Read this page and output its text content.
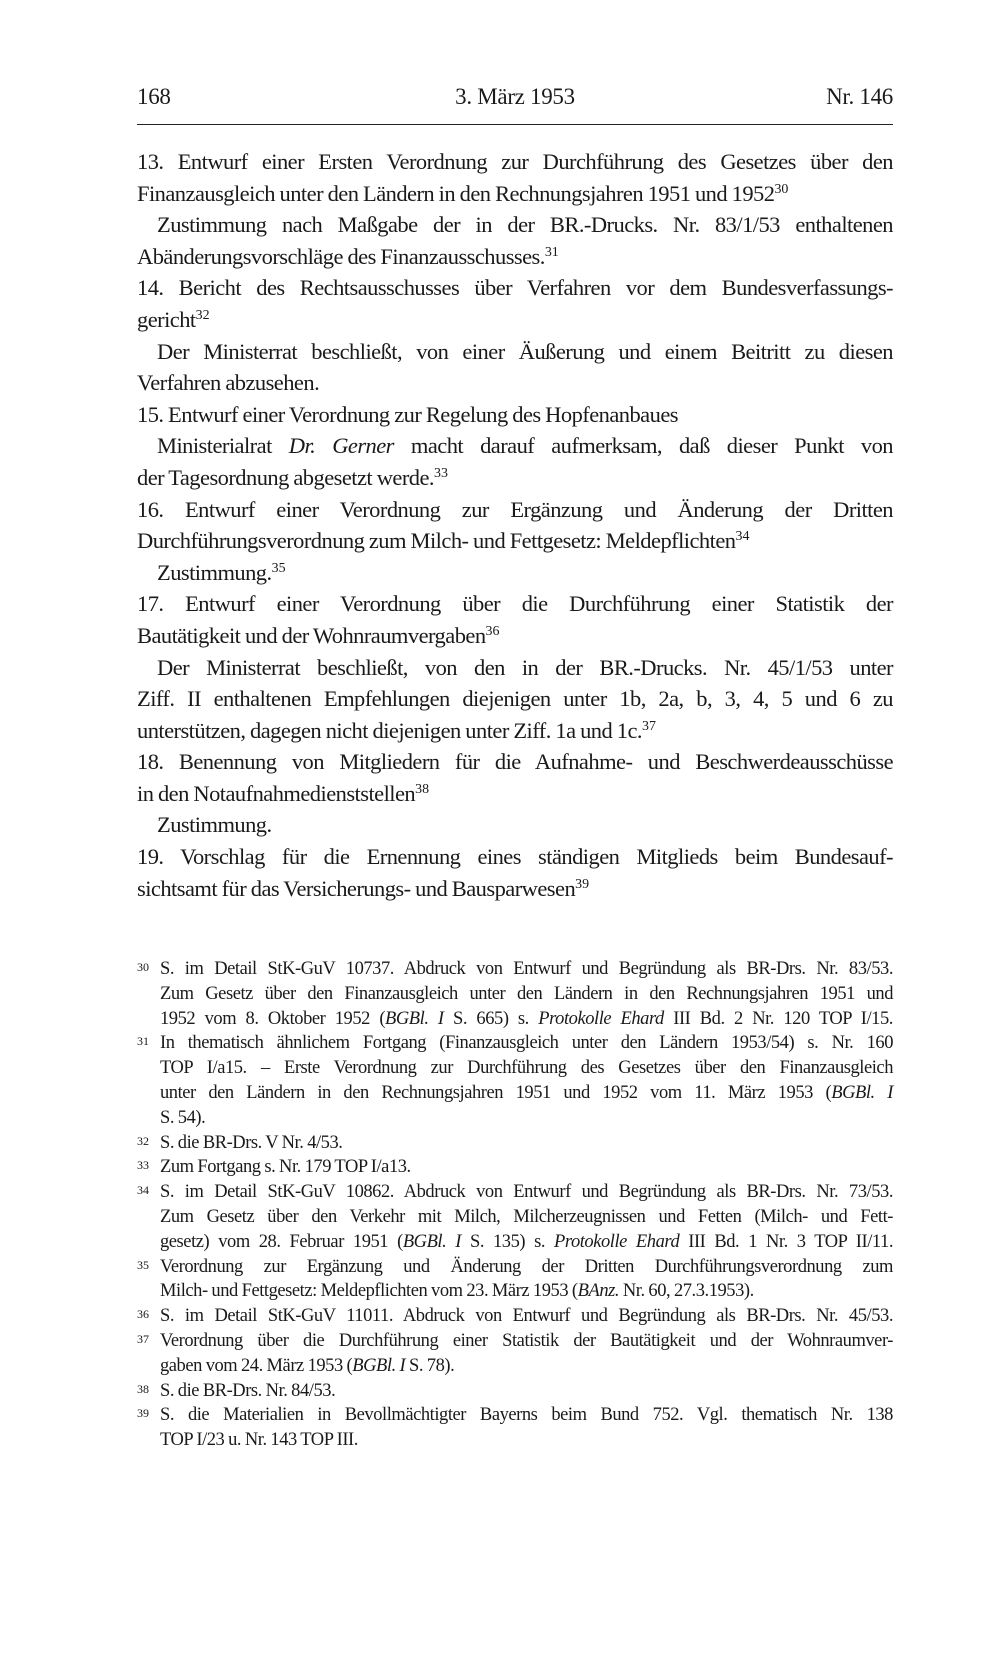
168	3. März 1953	Nr. 146
13. Entwurf einer Ersten Verordnung zur Durchführung des Gesetzes über den
Finanzausgleich unter den Ländern in den Rechnungsjahren 1951 und 1952$^{30}$
Zustimmung nach Maßgabe der in der BR.-Drucks. Nr. 83/1/53 enthaltenen
Abänderungsvorschläge des Finanzausschusses.$^{31}$
14. Bericht des Rechtsausschusses über Verfahren vor dem Bundesverfassungs-
gericht$^{32}$
Der Ministerrat beschließt, von einer Äußerung und einem Beitritt zu diesen
Verfahren abzusehen.
15. Entwurf einer Verordnung zur Regelung des Hopfenanbaues
Ministerialrat Dr. Gerner macht darauf aufmerksam, daß dieser Punkt von
der Tagesordnung abgesetzt werde.$^{33}$
16. Entwurf einer Verordnung zur Ergänzung und Änderung der Dritten
Durchführungsverordnung zum Milch- und Fettgesetz: Meldepflichten$^{34}$
Zustimmung.$^{35}$
17. Entwurf einer Verordnung über die Durchführung einer Statistik der
Bautätigkeit und der Wohnraumvergaben$^{36}$
Der Ministerrat beschließt, von den in der BR.-Drucks. Nr. 45/1/53 unter
Ziff. II enthaltenen Empfehlungen diejenigen unter 1b, 2a, b, 3, 4, 5 und 6 zu
unterstützen, dagegen nicht diejenigen unter Ziff. 1a und 1c.$^{37}$
18. Benennung von Mitgliedern für die Aufnahme- und Beschwerdeausschüsse
in den Notaufnahmedienststellen$^{38}$
Zustimmung.
19. Vorschlag für die Ernennung eines ständigen Mitglieds beim Bundesauf-
sichtsamt für das Versicherungs- und Bausparwesen$^{39}$
30 S. im Detail StK-GuV 10737. Abdruck von Entwurf und Begründung als BR-Drs. Nr. 83/53.
Zum Gesetz über den Finanzausgleich unter den Ländern in den Rechnungsjahren 1951 und
1952 vom 8. Oktober 1952 (BGBl. I S. 665) s. Protokolle Ehard III Bd. 2 Nr. 120 TOP I/15.
31 In thematisch ähnlichem Fortgang (Finanzausgleich unter den Ländern 1953/54) s. Nr. 160
TOP I/a15. – Erste Verordnung zur Durchführung des Gesetzes über den Finanzausgleich
unter den Ländern in den Rechnungsjahren 1951 und 1952 vom 11. März 1953 (BGBl. I
S. 54).
32 S. die BR-Drs. V Nr. 4/53.
33 Zum Fortgang s. Nr. 179 TOP I/a13.
34 S. im Detail StK-GuV 10862. Abdruck von Entwurf und Begründung als BR-Drs. Nr. 73/53.
Zum Gesetz über den Verkehr mit Milch, Milcherzeugnissen und Fetten (Milch- und Fett-
gesetz) vom 28. Februar 1951 (BGBl. I S. 135) s. Protokolle Ehard III Bd. 1 Nr. 3 TOP II/11.
35 Verordnung zur Ergänzung und Änderung der Dritten Durchführungsverordnung zum
Milch- und Fettgesetz: Meldepflichten vom 23. März 1953 (BAnz. Nr. 60, 27.3.1953).
36 S. im Detail StK-GuV 11011. Abdruck von Entwurf und Begründung als BR-Drs. Nr. 45/53.
37 Verordnung über die Durchführung einer Statistik der Bautätigkeit und der Wohnraumver-
gaben vom 24. März 1953 (BGBl. I S. 78).
38 S. die BR-Drs. Nr. 84/53.
39 S. die Materialien in Bevollmächtigter Bayerns beim Bund 752. Vgl. thematisch Nr. 138
TOP I/23 u. Nr. 143 TOP III.
